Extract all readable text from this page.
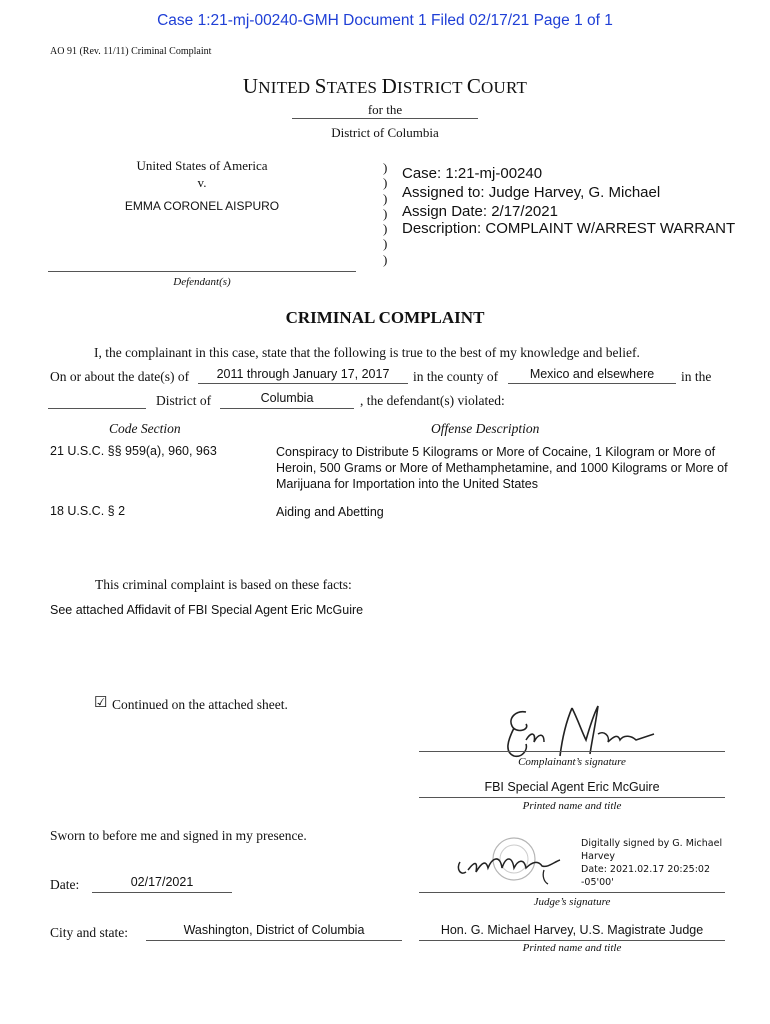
Case 1:21-mj-00240-GMH Document 1 Filed 02/17/21 Page 1 of 1
AO 91 (Rev. 11/11) Criminal Complaint
UNITED STATES DISTRICT COURT
for the
District of Columbia
United States of America
v.
EMMA CORONEL AISPURO
Defendant(s)
)
)
)
)
)
)
)
Case: 1:21-mj-00240
Assigned to: Judge Harvey, G. Michael
Assign Date: 2/17/2021
Description: COMPLAINT W/ARREST WARRANT
CRIMINAL COMPLAINT
I, the complainant in this case, state that the following is true to the best of my knowledge and belief.
On or about the date(s) of	2011 through January 17, 2017	in the county of	Mexico and elsewhere	in the
District of	Columbia	, the defendant(s) violated:
Code Section	Offense Description
21 U.S.C. §§ 959(a), 960, 963	Conspiracy to Distribute 5 Kilograms or More of Cocaine, 1 Kilogram or More of Heroin, 500 Grams or More of Methamphetamine, and 1000 Kilograms or More of Marijuana for Importation into the United States
18 U.S.C. § 2	Aiding and Abetting
This criminal complaint is based on these facts:
See attached Affidavit of FBI Special Agent Eric McGuire
☑ Continued on the attached sheet.
Complainant’s signature
FBI Special Agent Eric McGuire
Printed name and title
Sworn to before me and signed in my presence.
Digitally signed by G. Michael
Harvey
Date: 2021.02.17 20:25:02
-05'00'
Date:	02/17/2021
Judge’s signature
City and state:	Washington, District of Columbia	Hon. G. Michael Harvey, U.S. Magistrate Judge
Printed name and title
